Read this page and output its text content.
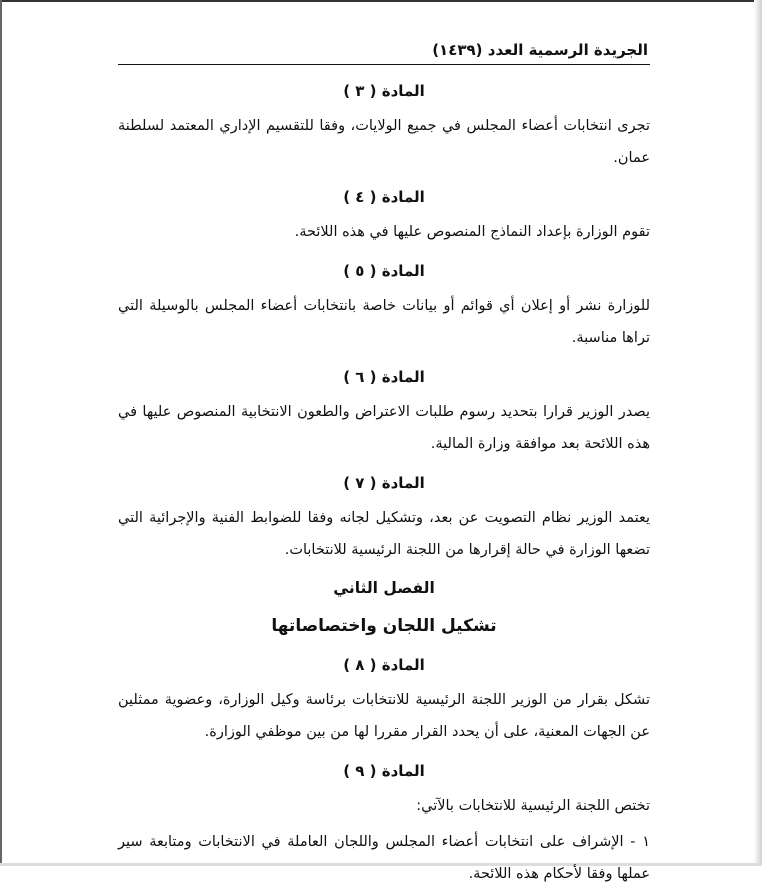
الجريدة الرسمية العدد (١٤٣٩)
المادة ( ٣ )

تجرى انتخابات أعضاء المجلس في جميع الولايات، وفقا للتقسيم الإداري المعتمد لسلطنة عمان.

المادة ( ٤ )

تقوم الوزارة بإعداد النماذج المنصوص عليها في هذه اللائحة.

المادة ( ٥ )

للوزارة نشر أو إعلان أي قوائم أو بيانات خاصة بانتخابات أعضاء المجلس بالوسيلة التي تراها مناسبة.

المادة ( ٦ )

يصدر الوزير قرارا بتحديد رسوم طلبات الاعتراض والطعون الانتخابية المنصوص عليها في هذه اللائحة بعد موافقة وزارة المالية.

المادة ( ٧ )

يعتمد الوزير نظام التصويت عن بعد، وتشكيل لجانه وفقا للضوابط الفنية والإجرائية التي تضعها الوزارة في حالة إقرارها من اللجنة الرئيسية للانتخابات.

الفصل الثاني
تشكيل اللجان واختصاصاتها
المادة ( ٨ )

تشكل بقرار من الوزير اللجنة الرئيسية للانتخابات برئاسة وكيل الوزارة، وعضوية ممثلين عن الجهات المعنية، على أن يحدد القرار مقررا لها من بين موظفي الوزارة.

المادة ( ٩ )

تختص اللجنة الرئيسية للانتخابات بالآتي:

١ - الإشراف على انتخابات أعضاء المجلس واللجان العاملة في الانتخابات ومتابعة سير عملها وفقا لأحكام هذه اللائحة.
